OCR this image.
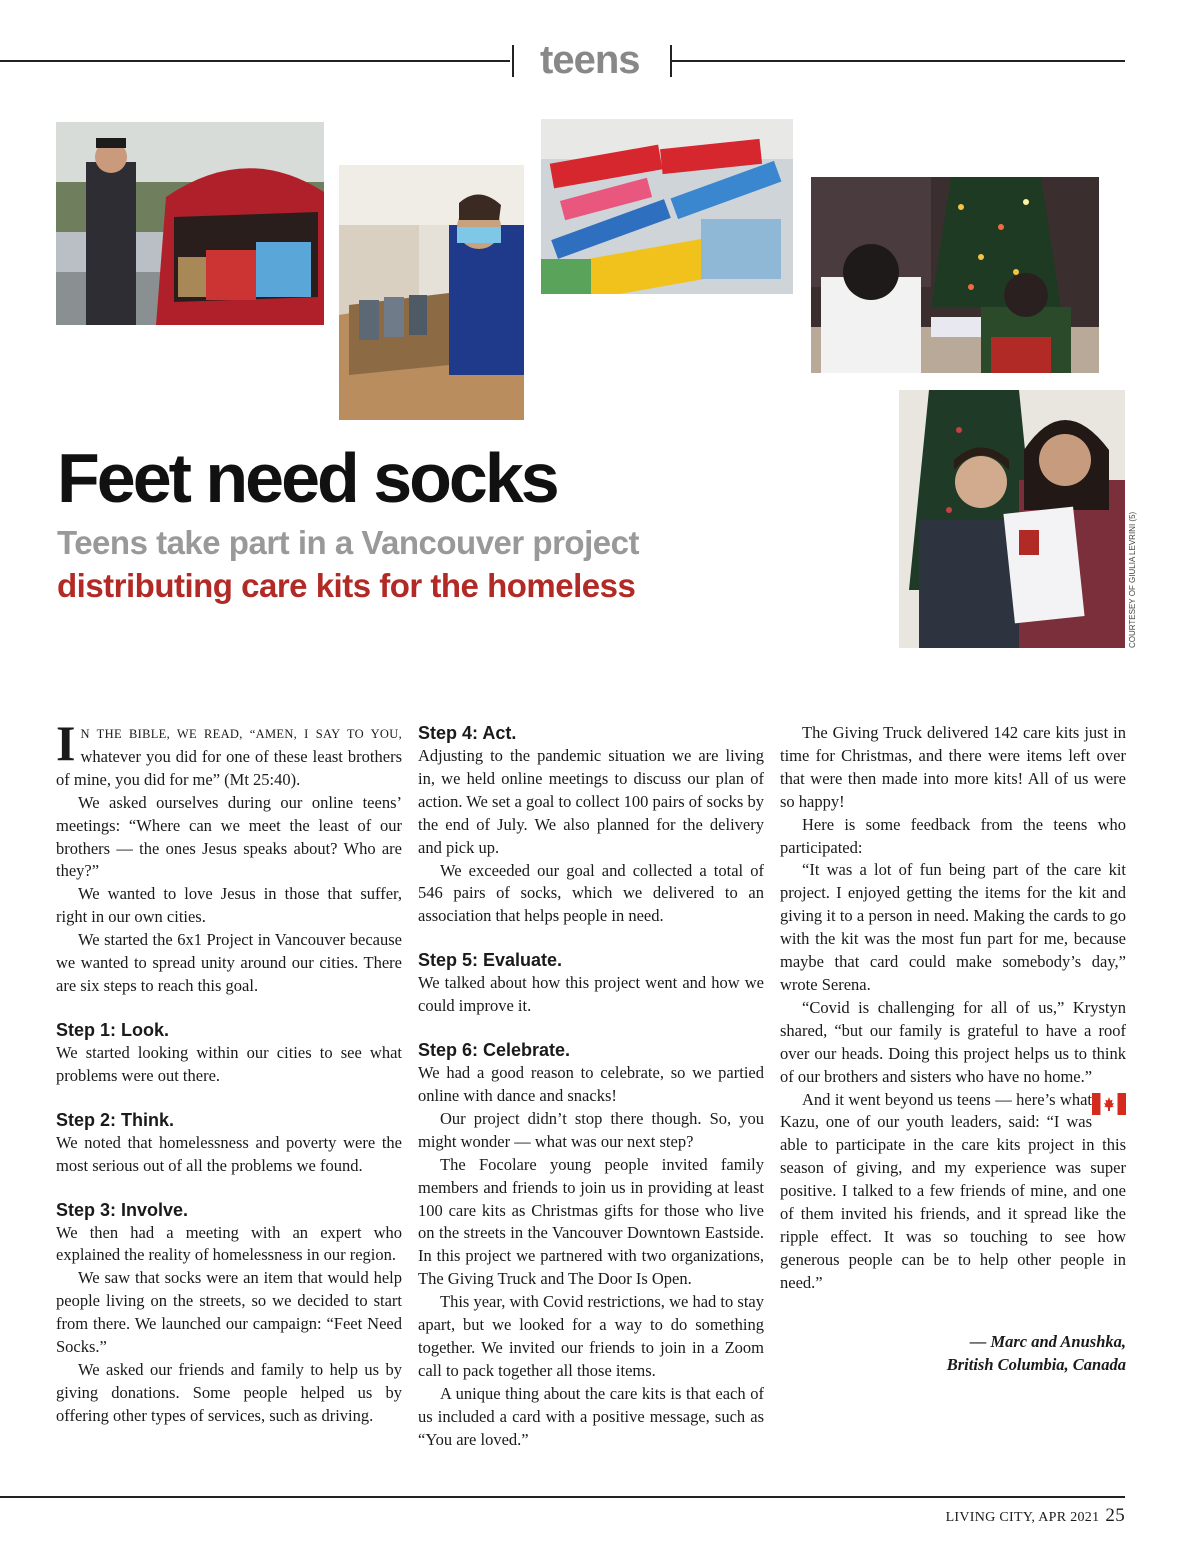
teens
COURTESEY OF GIULIA LEVRINI (5)
Feet need socks
Teens take part in a Vancouver project
distributing care kits for the homeless

IN THE BIBLE, WE READ, “AMEN, I SAY TO YOU, whatever you did for one of these least brothers of mine, you did for me” (Mt 25:40).

We asked ourselves during our online teens’ meetings: “Where can we meet the least of our brothers — the ones Jesus speaks about? Who are they?”

We wanted to love Jesus in those that suffer, right in our own cities.

We started the 6x1 Project in Vancouver because we wanted to spread unity around our cities. There are six steps to reach this goal.

Step 1: Look.

We started looking within our cities to see what problems were out there.

Step 2: Think.

We noted that homelessness and poverty were the most serious out of all the problems we found.

Step 3: Involve.

We then had a meeting with an expert who explained the reality of homelessness in our region.

We saw that socks were an item that would help people living on the streets, so we decided to start from there. We launched our campaign: “Feet Need Socks.”

We asked our friends and family to help us by giving donations. Some people helped us by offering other types of services, such as driving.

Step 4: Act.

Adjusting to the pandemic situation we are living in, we held online meetings to discuss our plan of action. We set a goal to collect 100 pairs of socks by the end of July. We also planned for the delivery and pick up.

We exceeded our goal and collected a total of 546 pairs of socks, which we delivered to an association that helps people in need.

Step 5: Evaluate.

We talked about how this project went and how we could improve it.

Step 6: Celebrate.

We had a good reason to celebrate, so we partied online with dance and snacks!

Our project didn’t stop there though. So, you might wonder — what was our next step?

The Focolare young people invited family members and friends to join us in providing at least 100 care kits as Christmas gifts for those who live on the streets in the Vancouver Downtown Eastside. In this project we partnered with two organizations, The Giving Truck and The Door Is Open.

This year, with Covid restrictions, we had to stay apart, but we looked for a way to do something together. We invited our friends to join in a Zoom call to pack together all those items.

A unique thing about the care kits is that each of us included a card with a positive message, such as “You are loved.”

The Giving Truck delivered 142 care kits just in time for Christmas, and there were items left over that were then made into more kits! All of us were so happy!

Here is some feedback from the teens who participated:

“It was a lot of fun being part of the care kit project. I enjoyed getting the items for the kit and giving it to a person in need. Making the cards to go with the kit was the most fun part for me, because maybe that card could make somebody’s day,” wrote Serena.

“Covid is challenging for all of us,” Krystyn shared, “but our family is grateful to have a roof over our heads. Doing this project helps us to think of our brothers and sisters who have no home.”

And it went beyond us teens — here’s what Kazu, one of our youth leaders, said: “I was able to participate in the care kits project in this season of giving, and my experience was super positive. I talked to a few friends of mine, and one of them invited his friends, and it spread like the ripple effect. It was so touching to see how generous people can be to help other people in need.”

— Marc and Anushka,

British Columbia, Canada

LIVING CITY, APR 2021 25
